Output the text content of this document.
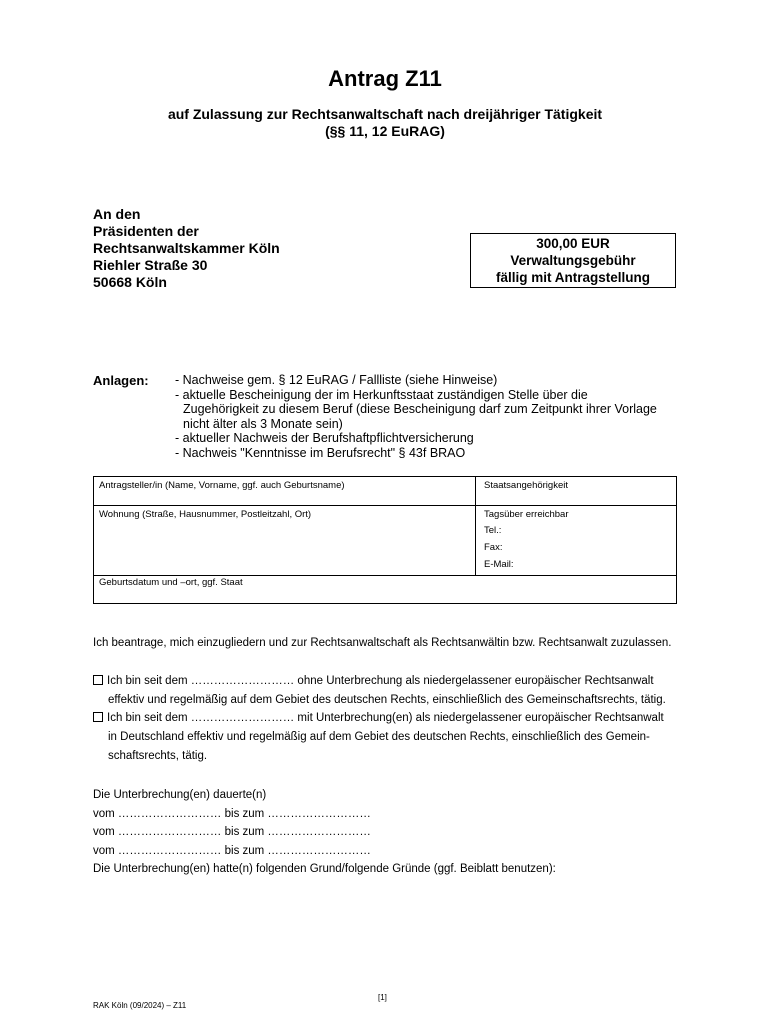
Antrag Z11
auf Zulassung zur Rechtsanwaltschaft nach dreijähriger Tätigkeit
(§§ 11, 12 EuRAG)
An den
Präsidenten der
Rechtsanwaltskammer Köln
Riehler Straße 30
50668 Köln
300,00 EUR
Verwaltungsgebühr
fällig mit Antragstellung
Anlagen: - Nachweise gem. § 12 EuRAG / Fallliste (siehe Hinweise)
- aktuelle Bescheinigung der im Herkunftsstaat zuständigen Stelle über die
Zugehörigkeit zu diesem Beruf (diese Bescheinigung darf zum Zeitpunkt ihrer Vorlage
nicht älter als 3 Monate sein)
- aktueller Nachweis der Berufshaftpflichtversicherung
- Nachweis "Kenntnisse im Berufsrecht" § 43f BRAO
Antragsteller/in (Name, Vorname, ggf. auch Geburtsname)	Staatsangehörigkeit
Wohnung (Straße, Hausnummer, Postleitzahl, Ort)	Tagsüber erreichbar
Tel.:
Fax:
E-Mail:
Geburtsdatum und –ort, ggf. Staat
Ich beantrage, mich einzugliedern und zur Rechtsanwaltschaft als Rechtsanwältin bzw. Rechtsanwalt zuzulassen.
Ich bin seit dem ……………………… ohne Unterbrechung als niedergelassener europäischer Rechtsanwalt
effektiv und regelmäßig auf dem Gebiet des deutschen Rechts, einschließlich des Gemeinschaftsrechts, tätig.
Ich bin seit dem ……………………… mit Unterbrechung(en) als niedergelassener europäischer Rechtsanwalt
in Deutschland effektiv und regelmäßig auf dem Gebiet des deutschen Rechts, einschließlich des Gemein-
schaftsrechts, tätig.
Die Unterbrechung(en) dauerte(n)
vom ……………………… bis zum ………………………
vom ……………………… bis zum ………………………
vom ……………………… bis zum ………………………
Die Unterbrechung(en) hatte(n) folgenden Grund/folgende Gründe (ggf. Beiblatt benutzen):
[1]
RAK Köln (09/2024) – Z11
